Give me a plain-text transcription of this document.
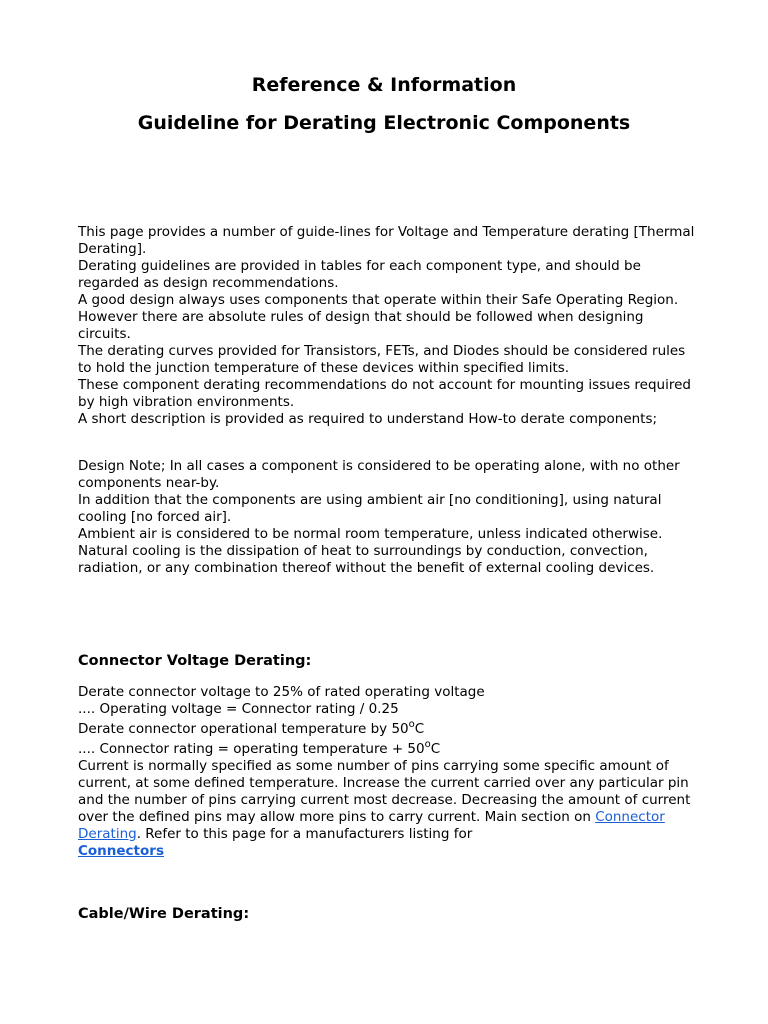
Reference & Information
Guideline for Derating Electronic Components

This page provides a number of guide-lines for Voltage and Temperature derating [Thermal Derating].

Derating guidelines are provided in tables for each component type, and should be regarded as design recommendations.

A good design always uses components that operate within their Safe Operating Region.

However there are absolute rules of design that should be followed when designing circuits.

The derating curves provided for Transistors, FETs, and Diodes should be considered rules to hold the junction temperature of these devices within specified limits.

These component derating recommendations do not account for mounting issues required by high vibration environments.

A short description is provided as required to understand How-to derate components;

Design Note; In all cases a component is considered to be operating alone, with no other components near-by.

In addition that the components are using ambient air [no conditioning], using natural cooling [no forced air].

Ambient air is considered to be normal room temperature, unless indicated otherwise.

Natural cooling is the dissipation of heat to surroundings by conduction, convection, radiation, or any combination thereof without the benefit of external cooling devices.

Connector Voltage Derating:

Derate connector voltage to 25% of rated operating voltage

.... Operating voltage = Connector rating / 0.25

Derate connector operational temperature by 50$^o$C

.... Connector rating = operating temperature + $50^oC$

Current is normally specified as some number of pins carrying some specific amount of current, at some defined temperature. Increase the current carried over any particular pin and the number of pins carrying current most decrease. Decreasing the amount of current over the defined pins may allow more pins to carry current. Main section on Connector Derating. Refer to this page for a manufacturers listing for
Connectors

Cable/Wire Derating:
